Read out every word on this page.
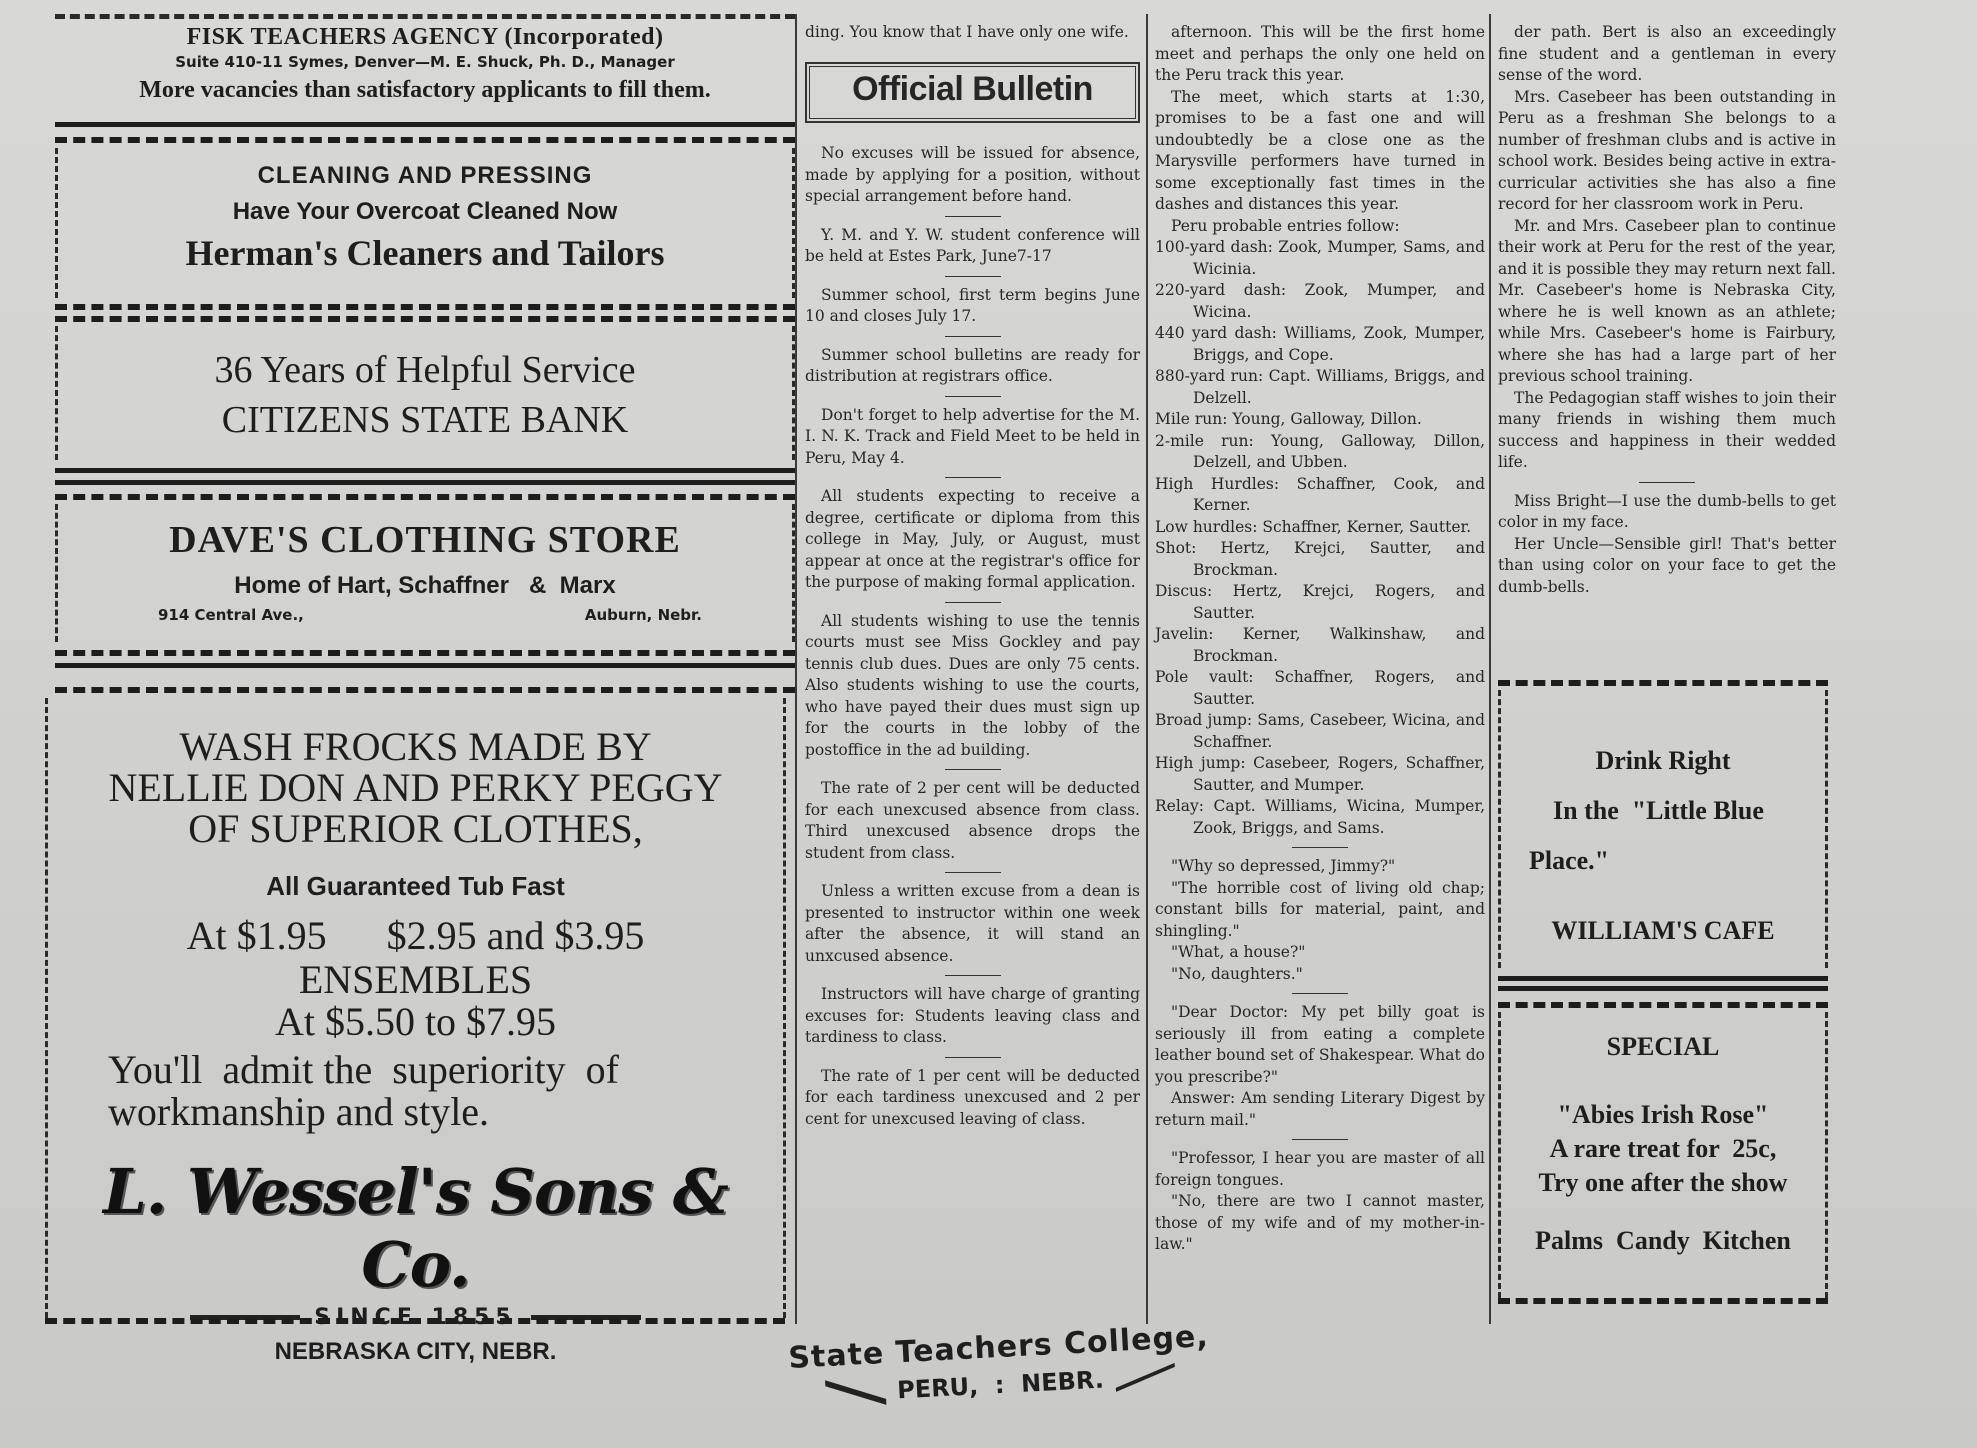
FISK TEACHERS AGENCY (Incorporated)
Suite 410-11 Symes, Denver—M. E. Shuck, Ph. D., Manager
More vacancies than satisfactory applicants to fill them.
CLEANING AND PRESSING
Have Your Overcoat Cleaned Now
Herman's Cleaners and Tailors
36 Years of Helpful Service
CITIZENS STATE BANK
DAVE'S CLOTHING STORE
Home of Hart, Schaffner   &  Marx
914 Central Ave.,	Auburn, Nebr.
WASH FROCKS MADE BY NELLIE DON AND PERKY PEGGY OF SUPERIOR CLOTHES,
All Guaranteed Tub Fast
At $1.95      $2.95 and $3.95
ENSEMBLES
At $5.50 to $7.95
You'll  admit the  superiority  of workmanship and style.
L. Wessel's Sons & Co.
SINCE 1855
NEBRASKA CITY, NEBR.

ding. You know that I have only one wife.

Official Bulletin

No excuses will be issued for absence, made by applying for a position, without special arrangement before hand.

Y. M. and Y. W. student conference will be held at Estes Park, June7-17

Summer school, first term begins June 10 and closes July 17.

Summer school bulletins are ready for distribution at registrars office.

Don't forget to help advertise for the M. I. N. K. Track and Field Meet to be held in Peru, May 4.

All students expecting to receive a degree, certificate or diploma from this college in May, July, or August, must appear at once at the registrar's office for the purpose of making formal application.

All students wishing to use the tennis courts must see Miss Gockley and pay tennis club dues. Dues are only 75 cents. Also students wishing to use the courts, who have payed their dues must sign up for the courts in the lobby of the postoffice in the ad building.

The rate of 2 per cent will be deducted for each unexcused absence from class. Third unexcused absence drops the student from class.

Unless a written excuse from a dean is presented to instructor within one week after the absence, it will stand an unxcused absence.

Instructors will have charge of granting excuses for: Students leaving class and tardiness to class.

The rate of 1 per cent will be deducted for each tardiness unexcused and 2 per cent for unexcused leaving of class.

afternoon. This will be the first home meet and perhaps the only one held on the Peru track this year.

The meet, which starts at 1:30, promises to be a fast one and will undoubtedly be a close one as the Marysville performers have turned in some exceptionally fast times in the dashes and distances this year.

Peru probable entries follow:

100-yard dash: Zook, Mumper, Sams, and Wicinia.

220-yard dash: Zook, Mumper, and Wicina.

440 yard dash: Williams, Zook, Mumper, Briggs, and Cope.

880-yard run: Capt. Williams, Briggs, and Delzell.

Mile run: Young, Galloway, Dillon.

2-mile run: Young, Galloway, Dillon, Delzell, and Ubben.

High Hurdles: Schaffner, Cook, and Kerner.

Low hurdles: Schaffner, Kerner, Sautter.

Shot: Hertz, Krejci, Sautter, and Brockman.

Discus: Hertz, Krejci, Rogers, and Sautter.

Javelin: Kerner, Walkinshaw, and Brockman.

Pole vault: Schaffner, Rogers, and Sautter.

Broad jump: Sams, Casebeer, Wicina, and Schaffner.

High jump: Casebeer, Rogers, Schaffner, Sautter, and Mumper.

Relay: Capt. Williams, Wicina, Mumper, Zook, Briggs, and Sams.

"Why so depressed, Jimmy?"

"The horrible cost of living old chap; constant bills for material, paint, and shingling."

"What, a house?"

"No, daughters."

"Dear Doctor: My pet billy goat is seriously ill from eating a complete leather bound set of Shakespear. What do you prescribe?"

Answer: Am sending Literary Digest by return mail."

"Professor, I hear you are master of all foreign tongues.

"No, there are two I cannot master, those of my wife and of my mother-in-law."

der path. Bert is also an exceedingly fine student and a gentleman in every sense of the word.

Mrs. Casebeer has been outstanding in Peru as a freshman She belongs to a number of freshman clubs and is active in school work. Besides being active in extra-curricular activities she has also a fine record for her classroom work in Peru.

Mr. and Mrs. Casebeer plan to continue their work at Peru for the rest of the year, and it is possible they may return next fall. Mr. Casebeer's home is Nebraska City, where he is well known as an athlete; while Mrs. Casebeer's home is Fairbury, where she has had a large part of her previous school training.

The Pedagogian staff wishes to join their many friends in wishing them much success and happiness in their wedded life.

Miss Bright—I use the dumb-bells to get color in my face.

Her Uncle—Sensible girl! That's better than using color on your face to get the dumb-bells.

Drink Right
In the  "Little Blue
Place."
WILLIAM'S CAFE
SPECIAL
"Abies Irish Rose"
A rare treat for  25c,
Try one after the show
Palms  Candy  Kitchen
State Teachers College,
PERU,  :  NEBR.
